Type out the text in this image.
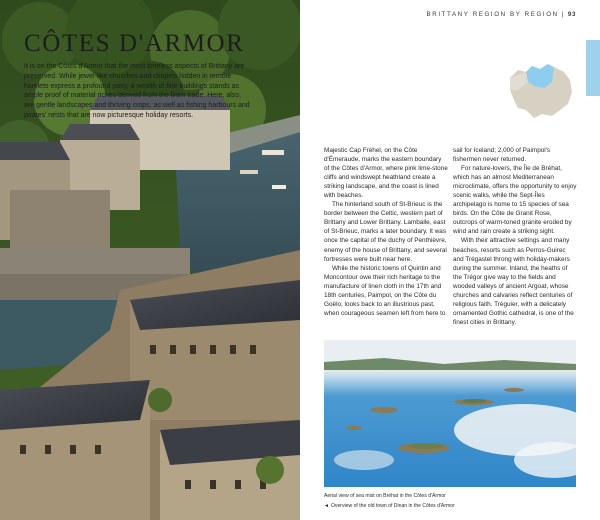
BRITTANY REGION BY REGION | 93
CÔTES D'ARMOR

It is on the Côtes d'Armor that the most timeless aspects of Brittany are preserved. While jewel-like churches and chapels hidden in remote hamlets express a profound piety, a wealth of fine buildings stands as ample proof of material riches derived from the linen trade. Here, also, are gentle landscapes and thriving crops, as well as fishing harbours and pirates' nests that are now picturesque holiday resorts.

Majestic Cap Fréhel, on the Côte d'Émeraude, marks the eastern boundary of the Côtes d'Armor, where pink lime-stone cliffs and windswept heathland create a striking landscape, and the coast is lined with beaches.

The hinterland south of St-Brieuc is the border between the Celtic, western part of Brittany and Lower Brittany. Lamballe, east of St-Brieuc, marks a later boundary. It was once the capital of the duchy of Penthièvre, enemy of the house of Brittany, and several fortresses were built near here.

While the historic towns of Quintin and Moncontour owe their rich heritage to the manufacture of linen cloth in the 17th and 18th centuries, Paimpol, on the Côte du Goëlo, looks back to an illustrious past, when courageous seamen left from here to

sail for Iceland; 2,000 of Paimpol's fishermen never returned.

For nature-lovers, the Île de Bréhat, which has an almost Mediterranean microclimate, offers the opportunity to enjoy scenic walks, while the Sept-Îles archipelago is home to 15 species of sea birds. On the Côte de Granit Rose, outcrops of warm-toned granite eroded by wind and rain create a striking sight.

With their attractive settings and many beaches, resorts such as Perros-Guirec and Trégastel throng with holiday-makers during the summer. Inland, the heaths of the Trégor give way to the fields and wooded valleys of ancient Argoat, whose churches and calvaries reflect centuries of religious faith. Tréguier, with a delicately ornamented Gothic cathedral, is one of the finest cities in Brittany.

Aerial view of sea mist on Bréhat in the Côtes d'Armor
◄ Overview of the old town of Dinan in the Côtes d'Armor
